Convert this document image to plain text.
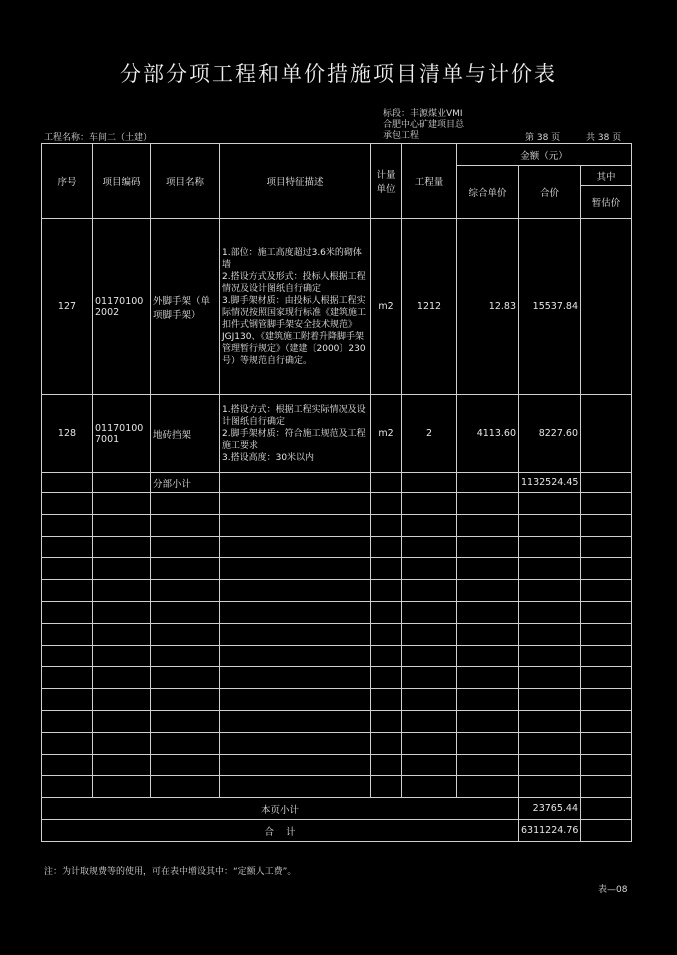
分部分项工程和单价措施项目清单与计价表
标段：丰源煤业VMI
合肥中心矿建项目总
承包工程
工程名称：车间二（土建）	第 38 页	共 38 页
序号	项目编码	项目名称	项目特征描述	计量单位	工程量	金额（元）		
						综合单价	合价	其中
								暂估价
127	011701002002	外脚手架（单项脚手架）	1.部位：施工高度超过3.6米的砌体墙
2.搭设方式及形式：投标人根据工程情况及设计图纸自行确定
3.脚手架材质：由投标人根据工程实际情况按照国家现行标准《建筑施工扣件式钢管脚手架安全技术规范》JGJ130、《建筑施工附着升降脚手架管理暂行规定》（建建〔2000〕230号）等规范自行确定。	m2	1212	12.83	15537.84	
128	011701007001	地砖挡架	1.搭设方式：根据工程实际情况及设计图纸自行确定
2.脚手架材质：符合施工规范及工程施工要求
3.搭设高度：30米以内	m2	2	4113.60	8227.60	
		分部小计					1132524.45	

本页小计							23765.44	
合    计							6311224.76	
注：为计取规费等的使用，可在表中增设其中：“定额人工费”。
表—08
